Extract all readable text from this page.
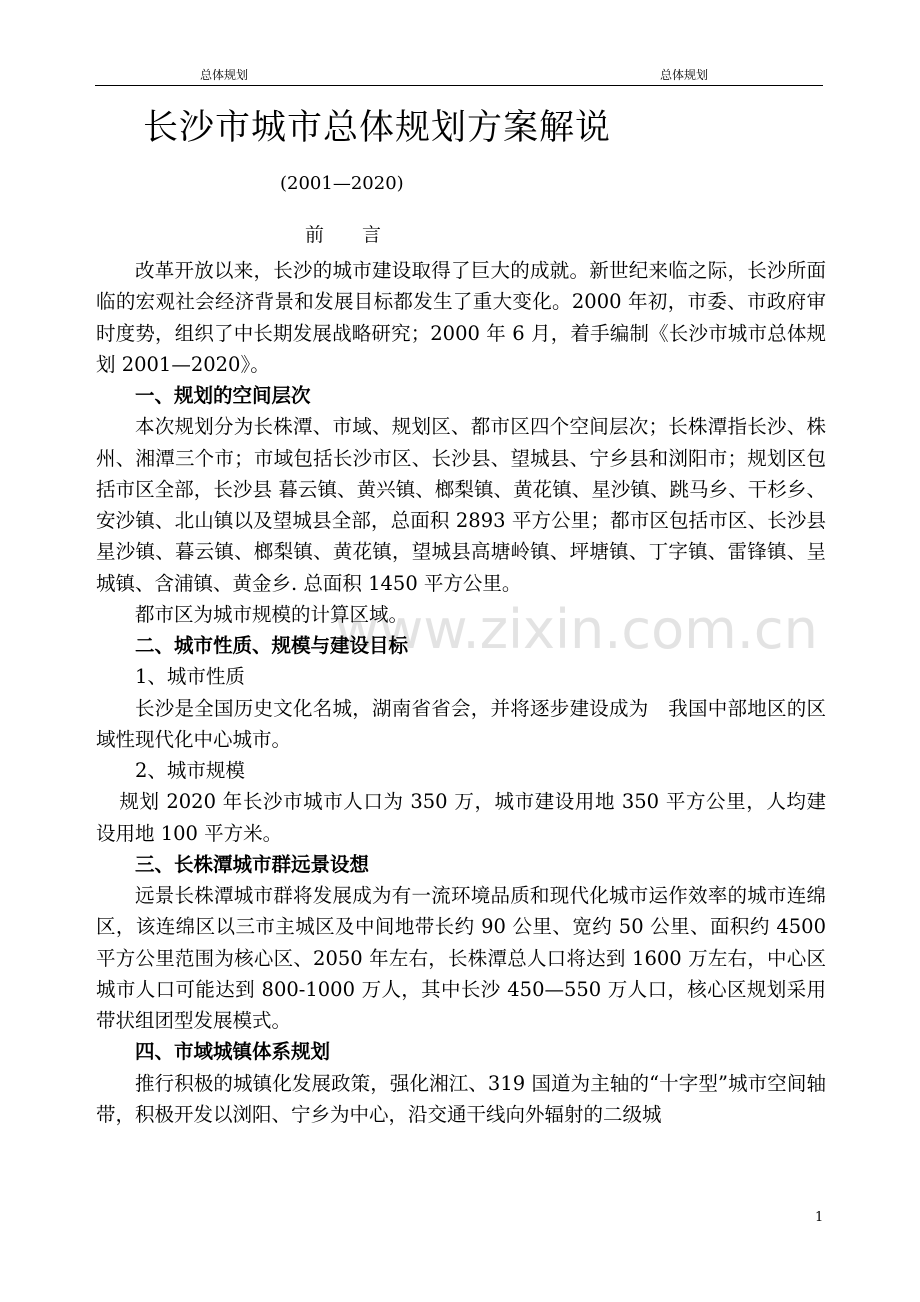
总体规划	总体规划
长沙市城市总体规划方案解说
(2001—2020)
前言
www.zixin.com.cn

改革开放以来，长沙的城市建设取得了巨大的成就。新世纪来临之际，长沙所面临的宏观社会经济背景和发展目标都发生了重大变化。2000 年初，市委、市政府审时度势，组织了中长期发展战略研究；2000 年 6 月，着手编制《长沙市城市总体规划 2001—2020》。

一、规划的空间层次

本次规划分为长株潭、市域、规划区、都市区四个空间层次；长株潭指长沙、株州、湘潭三个市；市域包括长沙市区、长沙县、望城县、宁乡县和浏阳市；规划区包括市区全部，长沙县 暮云镇、黄兴镇、榔梨镇、黄花镇、星沙镇、跳马乡、干杉乡、安沙镇、北山镇以及望城县全部，总面积 2893 平方公里；都市区包括市区、长沙县星沙镇、暮云镇、榔梨镇、黄花镇，望城县高塘岭镇、坪塘镇、丁字镇、雷锋镇、呈城镇、含浦镇、黄金乡. 总面积 1450 平方公里。

都市区为城市规模的计算区域。

二、城市性质、规模与建设目标

1、城市性质

长沙是全国历史文化名城，湖南省省会，并将逐步建设成为　我国中部地区的区域性现代化中心城市。

2、城市规模

规划 2020 年长沙市城市人口为 350 万，城市建设用地 350 平方公里，人均建设用地 100 平方米。

三、长株潭城市群远景设想

远景长株潭城市群将发展成为有一流环境品质和现代化城市运作效率的城市连绵区，该连绵区以三市主城区及中间地带长约 90 公里、宽约 50 公里、面积约 4500 平方公里范围为核心区、2050 年左右，长株潭总人口将达到 1600 万左右，中心区城市人口可能达到 800-1000 万人，其中长沙 450—550 万人口，核心区规划采用带状组团型发展模式。

四、市域城镇体系规划

推行积极的城镇化发展政策，强化湘江、319 国道为主轴的“十字型”城市空间轴带，积极开发以浏阳、宁乡为中心，沿交通干线向外辐射的二级城

1
